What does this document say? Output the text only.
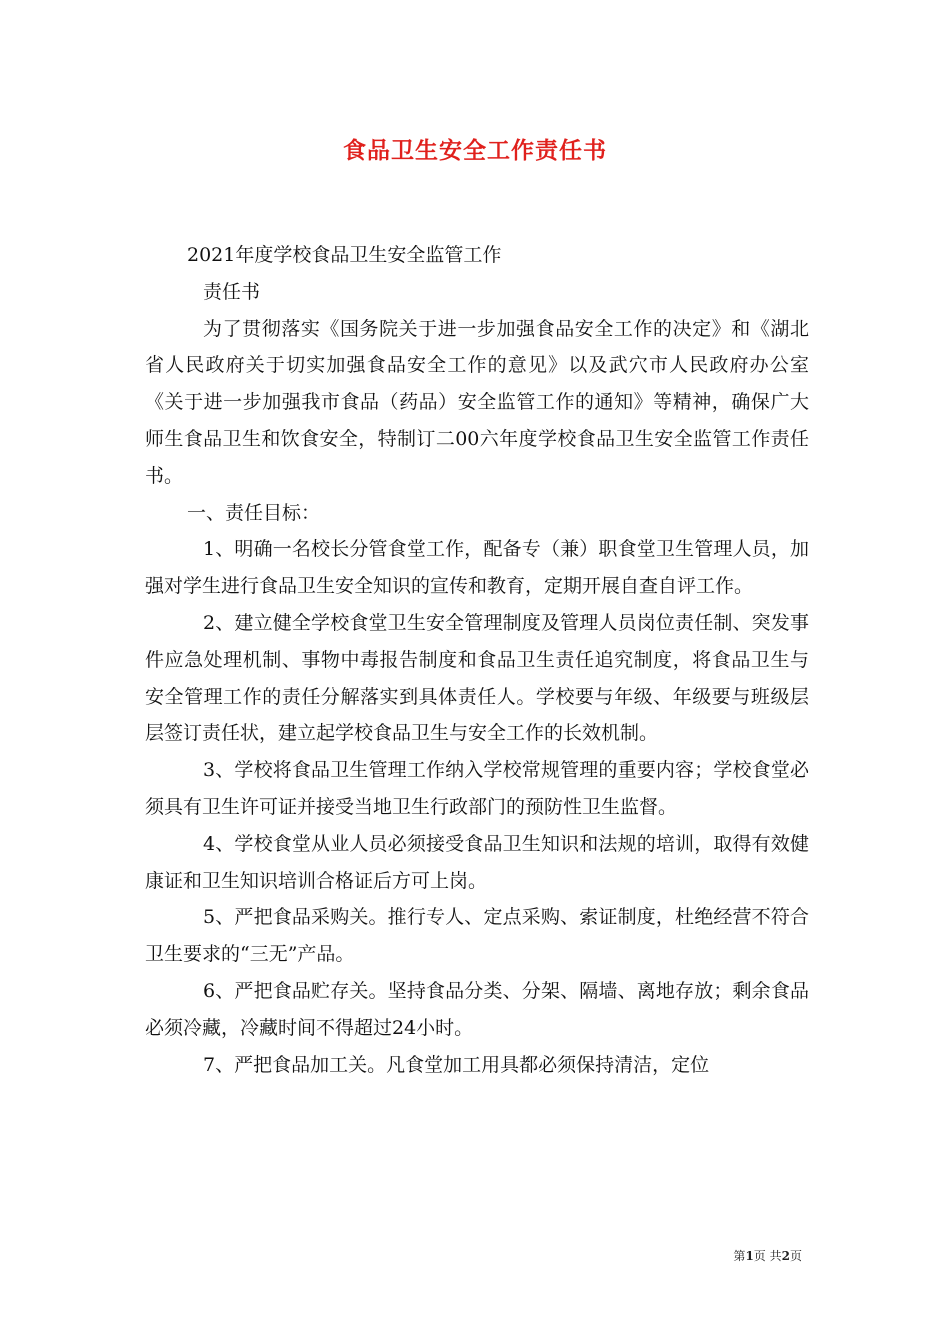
食品卫生安全工作责任书

2021年度学校食品卫生安全监管工作

责任书

为了贯彻落实《国务院关于进一步加强食品安全工作的决定》和《湖北省人民政府关于切实加强食品安全工作的意见》以及武穴市人民政府办公室《关于进一步加强我市食品（药品）安全监管工作的通知》等精神，确保广大师生食品卫生和饮食安全，特制订二00六年度学校食品卫生安全监管工作责任书。

一、责任目标：

1、明确一名校长分管食堂工作，配备专（兼）职食堂卫生管理人员，加强对学生进行食品卫生安全知识的宣传和教育，定期开展自查自评工作。

2、建立健全学校食堂卫生安全管理制度及管理人员岗位责任制、突发事件应急处理机制、事物中毒报告制度和食品卫生责任追究制度，将食品卫生与安全管理工作的责任分解落实到具体责任人。学校要与年级、年级要与班级层层签订责任状，建立起学校食品卫生与安全工作的长效机制。

3、学校将食品卫生管理工作纳入学校常规管理的重要内容；学校食堂必须具有卫生许可证并接受当地卫生行政部门的预防性卫生监督。

4、学校食堂从业人员必须接受食品卫生知识和法规的培训，取得有效健康证和卫生知识培训合格证后方可上岗。

5、严把食品采购关。推行专人、定点采购、索证制度，杜绝经营不符合卫生要求的“三无”产品。

6、严把食品贮存关。坚持食品分类、分架、隔墙、离地存放；剩余食品必须冷藏，冷藏时间不得超过24小时。

7、严把食品加工关。凡食堂加工用具都必须保持清洁，定位

第1页 共2页
